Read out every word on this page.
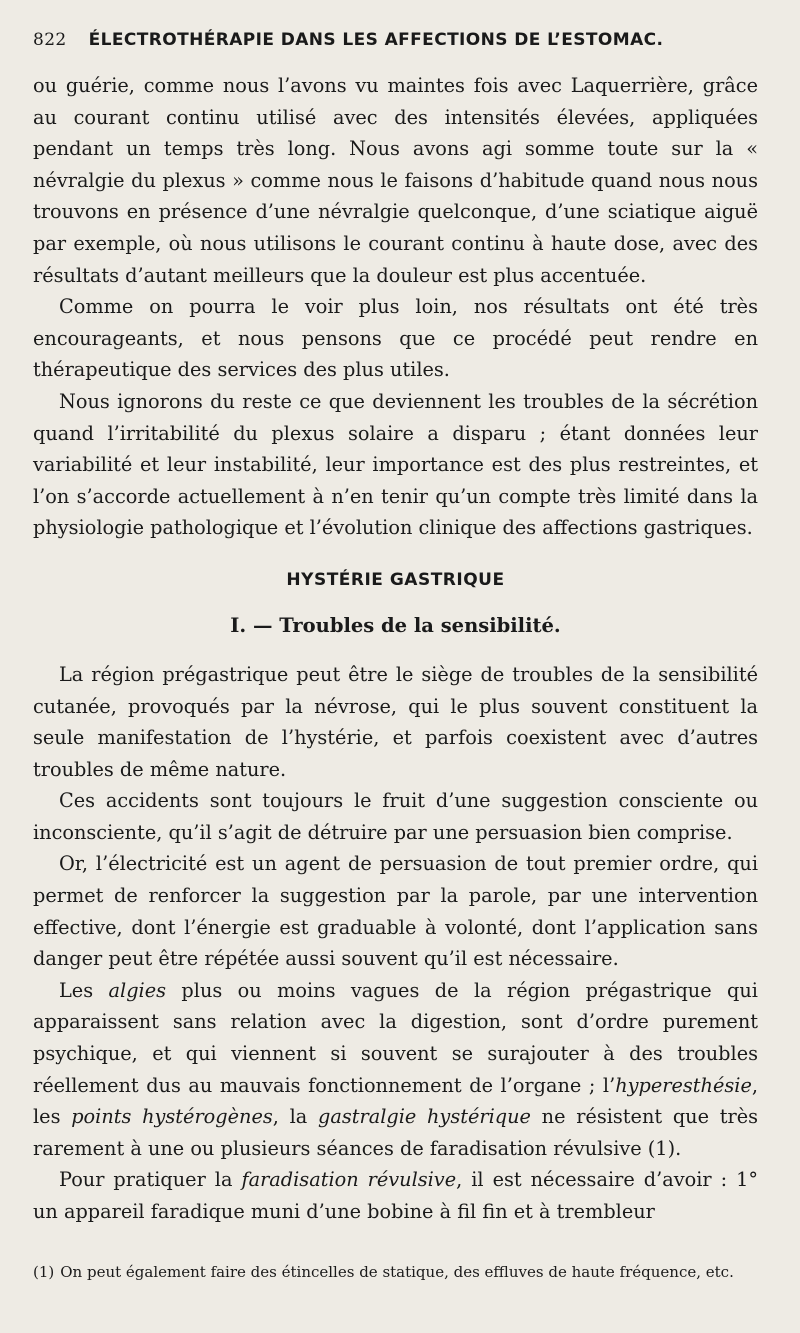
822 ÉLECTROTHÉRAPIE DANS LES AFFECTIONS DE L’ESTOMAC.

ou guérie, comme nous l’avons vu maintes fois avec Laquerrière, grâce au courant continu utilisé avec des intensités élevées, appliquées pendant un temps très long. Nous avons agi somme toute sur la « névralgie du plexus » comme nous le faisons d’habitude quand nous nous trouvons en présence d’une névralgie quelconque, d’une sciatique aiguë par exemple, où nous utilisons le courant continu à haute dose, avec des résultats d’autant meilleurs que la douleur est plus accentuée.

Comme on pourra le voir plus loin, nos résultats ont été très encourageants, et nous pensons que ce procédé peut rendre en thérapeutique des services des plus utiles.

Nous ignorons du reste ce que deviennent les troubles de la sécrétion quand l’irritabilité du plexus solaire a disparu ; étant données leur variabilité et leur instabilité, leur importance est des plus restreintes, et l’on s’accorde actuellement à n’en tenir qu’un compte très limité dans la physiologie pathologique et l’évolution clinique des affections gastriques.

HYSTÉRIE GASTRIQUE
I. — Troubles de la sensibilité.

La région prégastrique peut être le siège de troubles de la sensibilité cutanée, provoqués par la névrose, qui le plus souvent constituent la seule manifestation de l’hystérie, et parfois coexistent avec d’autres troubles de même nature.

Ces accidents sont toujours le fruit d’une suggestion consciente ou inconsciente, qu’il s’agit de détruire par une persuasion bien comprise.

Or, l’électricité est un agent de persuasion de tout premier ordre, qui permet de renforcer la suggestion par la parole, par une intervention effective, dont l’énergie est graduable à volonté, dont l’application sans danger peut être répétée aussi souvent qu’il est nécessaire.

Les algies plus ou moins vagues de la région prégastrique qui apparaissent sans relation avec la digestion, sont d’ordre purement psychique, et qui viennent si souvent se surajouter à des troubles réellement dus au mauvais fonctionnement de l’organe ; l’hyperesthésie, les points hystérogènes, la gastralgie hystérique ne résistent que très rarement à une ou plusieurs séances de faradisation révulsive (1).

Pour pratiquer la faradisation révulsive, il est nécessaire d’avoir : 1° un appareil faradique muni d’une bobine à fil fin et à trembleur

(1) On peut également faire des étincelles de statique, des effluves de haute fréquence, etc.
